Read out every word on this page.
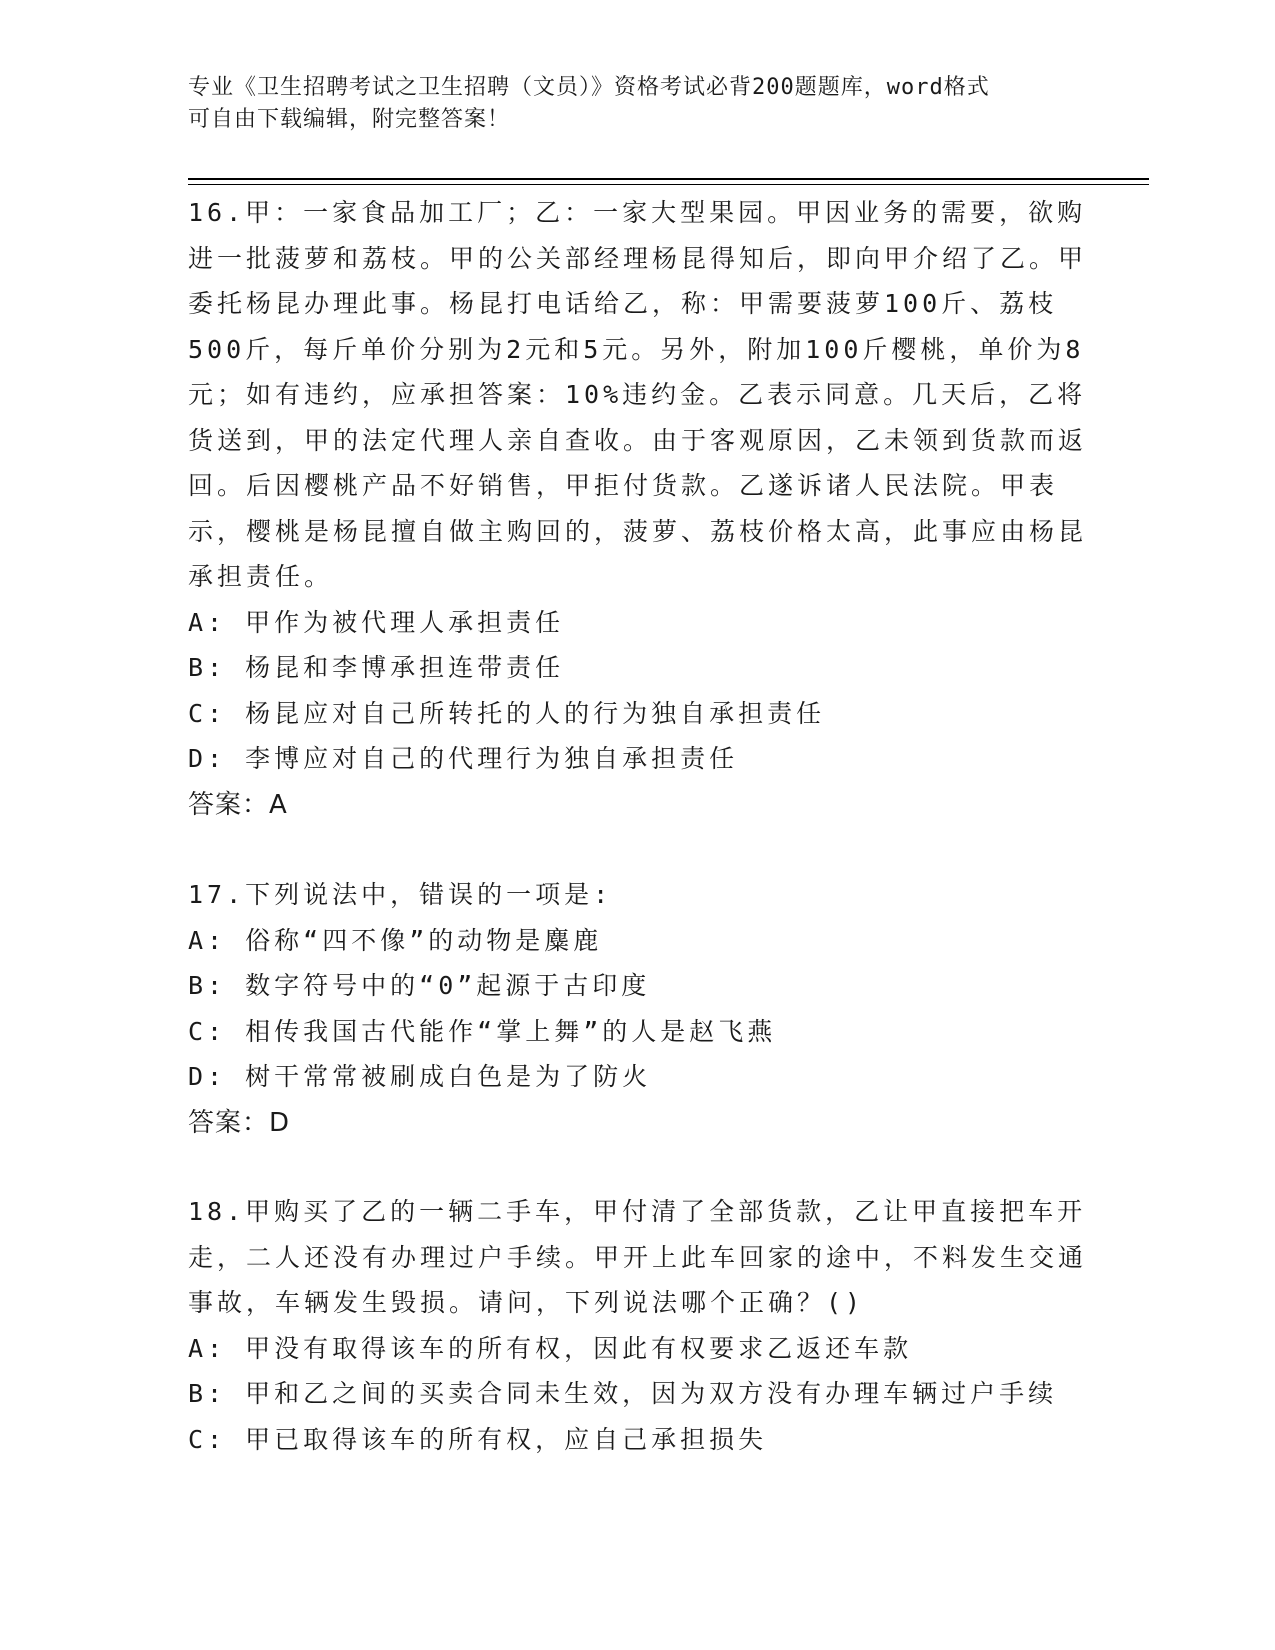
专业《卫生招聘考试之卫生招聘（文员）》资格考试必背200题题库，word格式
可自由下载编辑，附完整答案！

16.甲：一家食品加工厂；乙：一家大型果园。甲因业务的需要，欲购进一批菠萝和荔枝。甲的公关部经理杨昆得知后，即向甲介绍了乙。甲委托杨昆办理此事。杨昆打电话给乙，称：甲需要菠萝100斤、荔枝500斤，每斤单价分别为2元和5元。另外，附加100斤樱桃，单价为8元；如有违约，应承担答案：10%违约金。乙表示同意。几天后，乙将货送到，甲的法定代理人亲自查收。由于客观原因，乙未领到货款而返回。后因樱桃产品不好销售，甲拒付货款。乙遂诉诸人民法院。甲表示，樱桃是杨昆擅自做主购回的，菠萝、荔枝价格太高，此事应由杨昆承担责任。

A: 甲作为被代理人承担责任

B: 杨昆和李博承担连带责任

C: 杨昆应对自己所转托的人的行为独自承担责任

D: 李博应对自己的代理行为独自承担责任

答案：A

17.下列说法中，错误的一项是:

A: 俗称“四不像”的动物是麋鹿

B: 数字符号中的“0”起源于古印度

C: 相传我国古代能作“掌上舞”的人是赵飞燕

D: 树干常常被刷成白色是为了防火

答案：D

18.甲购买了乙的一辆二手车，甲付清了全部货款，乙让甲直接把车开走，二人还没有办理过户手续。甲开上此车回家的途中，不料发生交通事故，车辆发生毁损。请问，下列说法哪个正确？()

A: 甲没有取得该车的所有权，因此有权要求乙返还车款

B: 甲和乙之间的买卖合同未生效，因为双方没有办理车辆过户手续

C: 甲已取得该车的所有权，应自己承担损失
